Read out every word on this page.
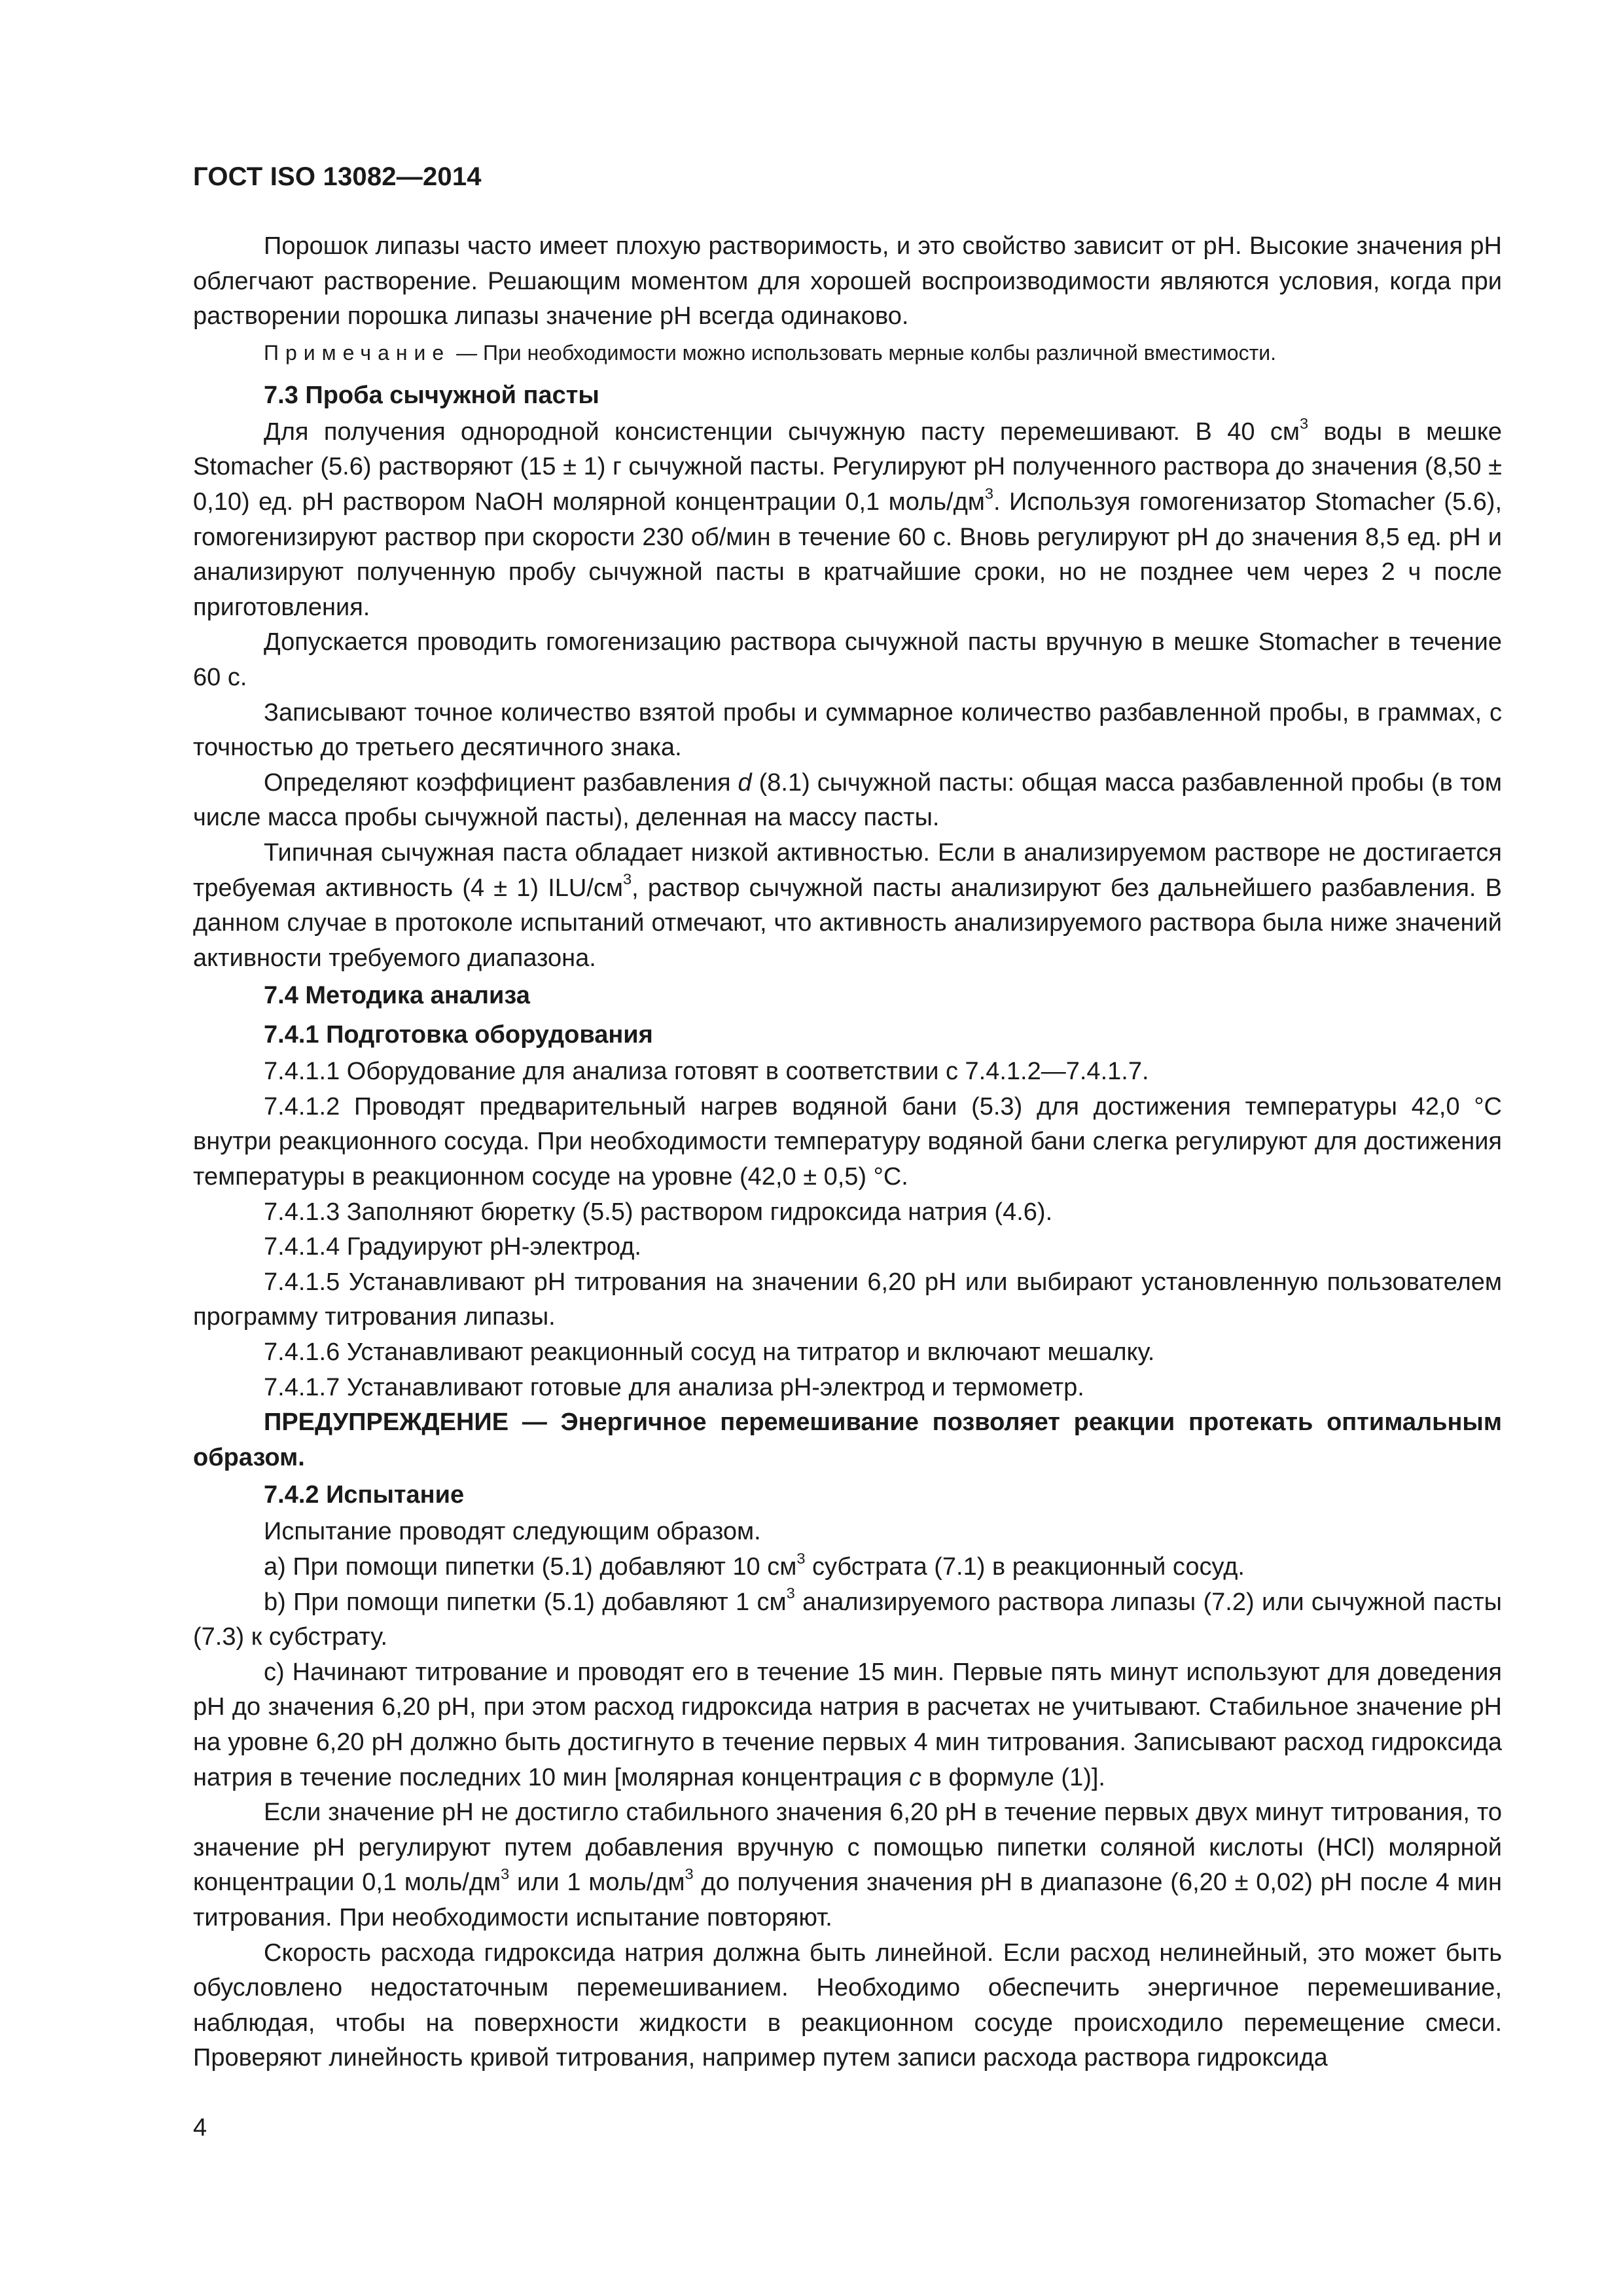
ГОСТ ISO 13082—2014

Порошок липазы часто имеет плохую растворимость, и это свойство зависит от pH. Высокие значения pH облегчают растворение. Решающим моментом для хорошей воспроизводимости являются условия, когда при растворении порошка липазы значение pH всегда одинаково.

Примечание — При необходимости можно использовать мерные колбы различной вместимости.

7.3 Проба сычужной пасты

Для получения однородной консистенции сычужную пасту перемешивают. В 40 $см^3$ воды в мешке Stomacher (5.6) растворяют (15 ± 1) г сычужной пасты. Регулируют pH полученного раствора до значения (8,50 ± 0,10) ед. pH раствором NaOH молярной концентрации 0,1 моль/$дм^3$. Используя гомогенизатор Stomacher (5.6), гомогенизируют раствор при скорости 230 об/мин в течение 60 с. Вновь регулируют pH до значения 8,5 ед. pH и анализируют полученную пробу сычужной пасты в кратчайшие сроки, но не позднее чем через 2 ч после приготовления.

Допускается проводить гомогенизацию раствора сычужной пасты вручную в мешке Stomacher в течение 60 с.

Записывают точное количество взятой пробы и суммарное количество разбавленной пробы, в граммах, с точностью до третьего десятичного знака.

Определяют коэффициент разбавления d (8.1) сычужной пасты: общая масса разбавленной пробы (в том числе масса пробы сычужной пасты), деленная на массу пасты.

Типичная сычужная паста обладает низкой активностью. Если в анализируемом растворе не достигается требуемая активность (4 ± 1) ILU/$см^3$, раствор сычужной пасты анализируют без дальнейшего разбавления. В данном случае в протоколе испытаний отмечают, что активность анализируемого раствора была ниже значений активности требуемого диапазона.

7.4 Методика анализа

7.4.1 Подготовка оборудования

7.4.1.1 Оборудование для анализа готовят в соответствии с 7.4.1.2—7.4.1.7.

7.4.1.2 Проводят предварительный нагрев водяной бани (5.3) для достижения температуры 42,0 °С внутри реакционного сосуда. При необходимости температуру водяной бани слегка регулируют для достижения температуры в реакционном сосуде на уровне (42,0 ± 0,5) °С.

7.4.1.3 Заполняют бюретку (5.5) раствором гидроксида натрия (4.6).

7.4.1.4 Градуируют pH-электрод.

7.4.1.5 Устанавливают pH титрования на значении 6,20 pH или выбирают установленную пользователем программу титрования липазы.

7.4.1.6 Устанавливают реакционный сосуд на титратор и включают мешалку.

7.4.1.7 Устанавливают готовые для анализа pH-электрод и термометр.

ПРЕДУПРЕЖДЕНИЕ — Энергичное перемешивание позволяет реакции протекать оптимальным образом.

7.4.2 Испытание

Испытание проводят следующим образом.

a) При помощи пипетки (5.1) добавляют 10 $см^3$ субстрата (7.1) в реакционный сосуд.

b) При помощи пипетки (5.1) добавляют 1 $см^3$ анализируемого раствора липазы (7.2) или сычужной пасты (7.3) к субстрату.

c) Начинают титрование и проводят его в течение 15 мин. Первые пять минут используют для доведения pH до значения 6,20 pH, при этом расход гидроксида натрия в расчетах не учитывают. Стабильное значение pH на уровне 6,20 pH должно быть достигнуто в течение первых 4 мин титрования. Записывают расход гидроксида натрия в течение последних 10 мин [молярная концентрация c в формуле (1)].

Если значение pH не достигло стабильного значения 6,20 pH в течение первых двух минут титрования, то значение pH регулируют путем добавления вручную с помощью пипетки соляной кислоты (HCl) молярной концентрации 0,1 моль/$дм^3$ или 1 моль/$дм^3$ до получения значения pH в диапазоне (6,20 ± 0,02) pH после 4 мин титрования. При необходимости испытание повторяют.

Скорость расхода гидроксида натрия должна быть линейной. Если расход нелинейный, это может быть обусловлено недостаточным перемешиванием. Необходимо обеспечить энергичное перемешивание, наблюдая, чтобы на поверхности жидкости в реакционном сосуде происходило перемещение смеси. Проверяют линейность кривой титрования, например путем записи расхода раствора гидроксида

4
